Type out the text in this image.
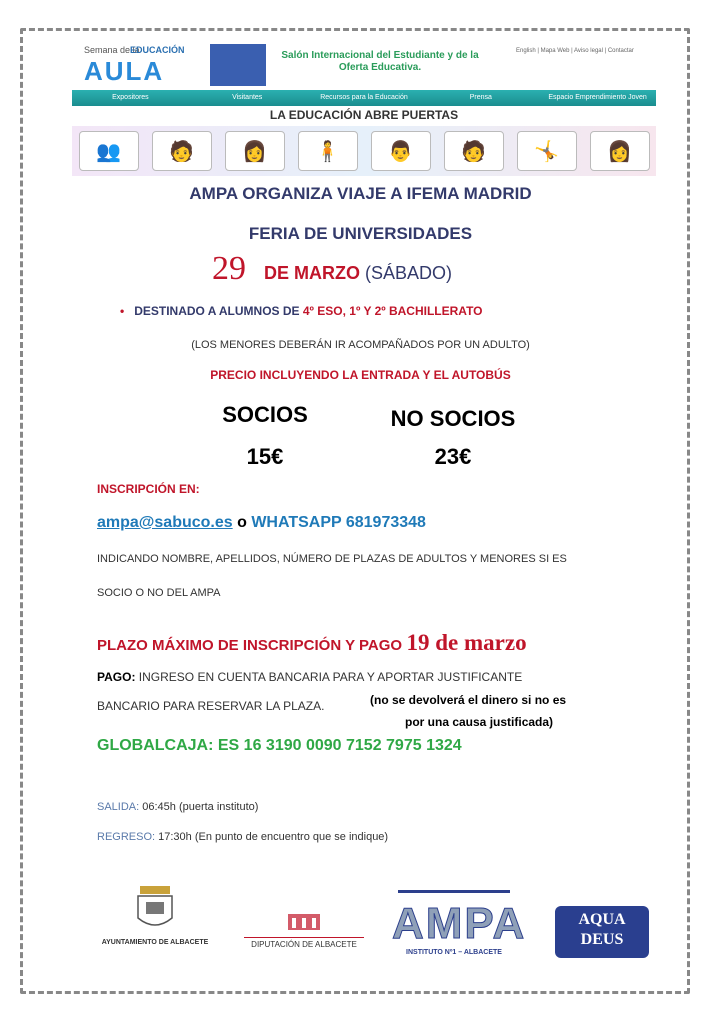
Semana de la
EDUCACIÓN
AULA
Salón Internacional del Estudiante y de la Oferta Educativa.
English | Mapa Web | Aviso legal | Contactar
Expositores	Visitantes	Recursos para la Educación	Prensa	Espacio Emprendimiento Joven
LA EDUCACIÓN ABRE PUERTAS
👥	🧑	👩	🧍	👨	🧑	🤸	👩
AMPA ORGANIZA VIAJE A IFEMA MADRID
FERIA DE UNIVERSIDADES
29 DE MARZO (SÁBADO)
•   DESTINADO A ALUMNOS DE 4º ESO, 1º Y 2º BACHILLERATO
(LOS MENORES DEBERÁN IR ACOMPAÑADOS POR UN ADULTO)
PRECIO INCLUYENDO LA ENTRADA Y EL AUTOBÚS
SOCIOS
15€
NO SOCIOS
23€
INSCRIPCIÓN EN:
ampa@sabuco.es o WHATSAPP 681973348
INDICANDO NOMBRE, APELLIDOS, NÚMERO DE PLAZAS DE ADULTOS Y MENORES SI ES
SOCIO O NO DEL AMPA
PLAZO MÁXIMO DE INSCRIPCIÓN Y PAGO 19 de marzo
PAGO: INGRESO EN CUENTA BANCARIA PARA Y APORTAR JUSTIFICANTE
BANCARIO PARA RESERVAR LA PLAZA.	(no se devolverá el dinero si no es
por una causa justificada)
GLOBALCAJA: ES 16 3190 0090 7152 7975 1324
SALIDA: 06:45h (puerta instituto)
REGRESO: 17:30h (En punto de encuentro que se indique)
AYUNTAMIENTO DE ALBACETE	DIPUTACIÓN DE ALBACETE AMPA
INSTITUTO Nº1 – ALBACETE
AQUA
DEUS
